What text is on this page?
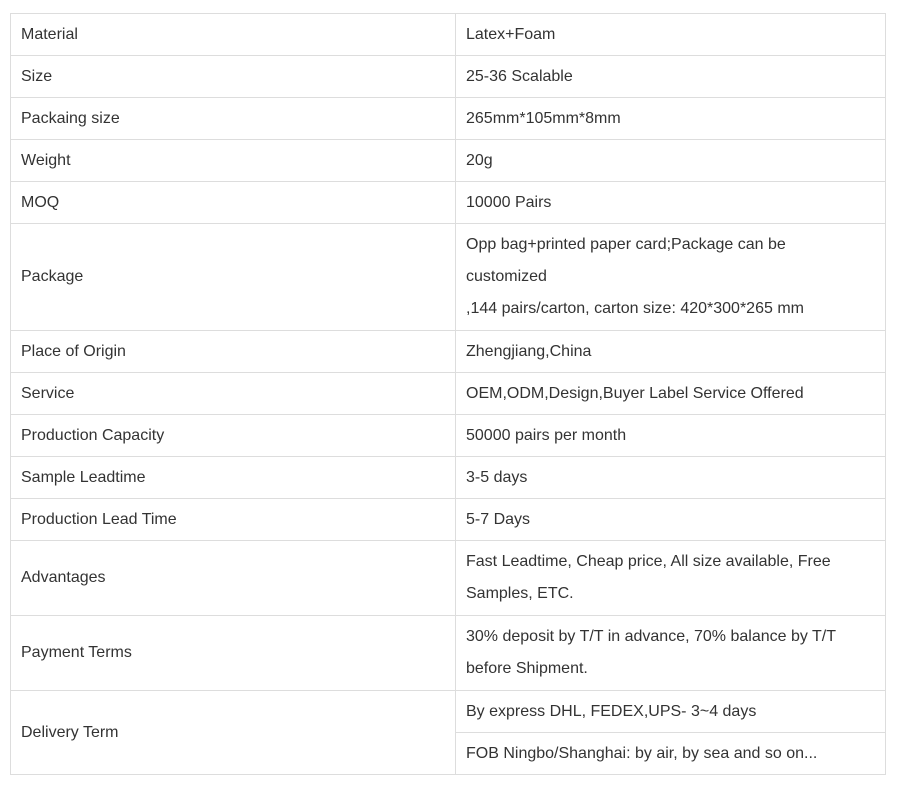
Material	Latex+Foam
Size	25-36 Scalable
Packaing size	265mm*105mm*8mm
Weight	20g
MOQ	10000 Pairs
Package	Opp bag+printed paper card;Package can be
customized
,144 pairs/carton, carton size: 420*300*265 mm

Place of Origin	Zhengjiang,China
Service	OEM,ODM,Design,Buyer Label Service Offered
Production Capacity	50000 pairs per month
Sample Leadtime	3-5 days
Production Lead Time	5-7 Days
Advantages	Fast Leadtime, Cheap price, All size available, Free
Samples, ETC.

Payment Terms	30% deposit by T/T in advance, 70% balance by T/T
before Shipment.

Delivery Term	By express DHL, FEDEX,UPS- 3~4 days
	FOB Ningbo/Shanghai: by air, by sea and so on...
